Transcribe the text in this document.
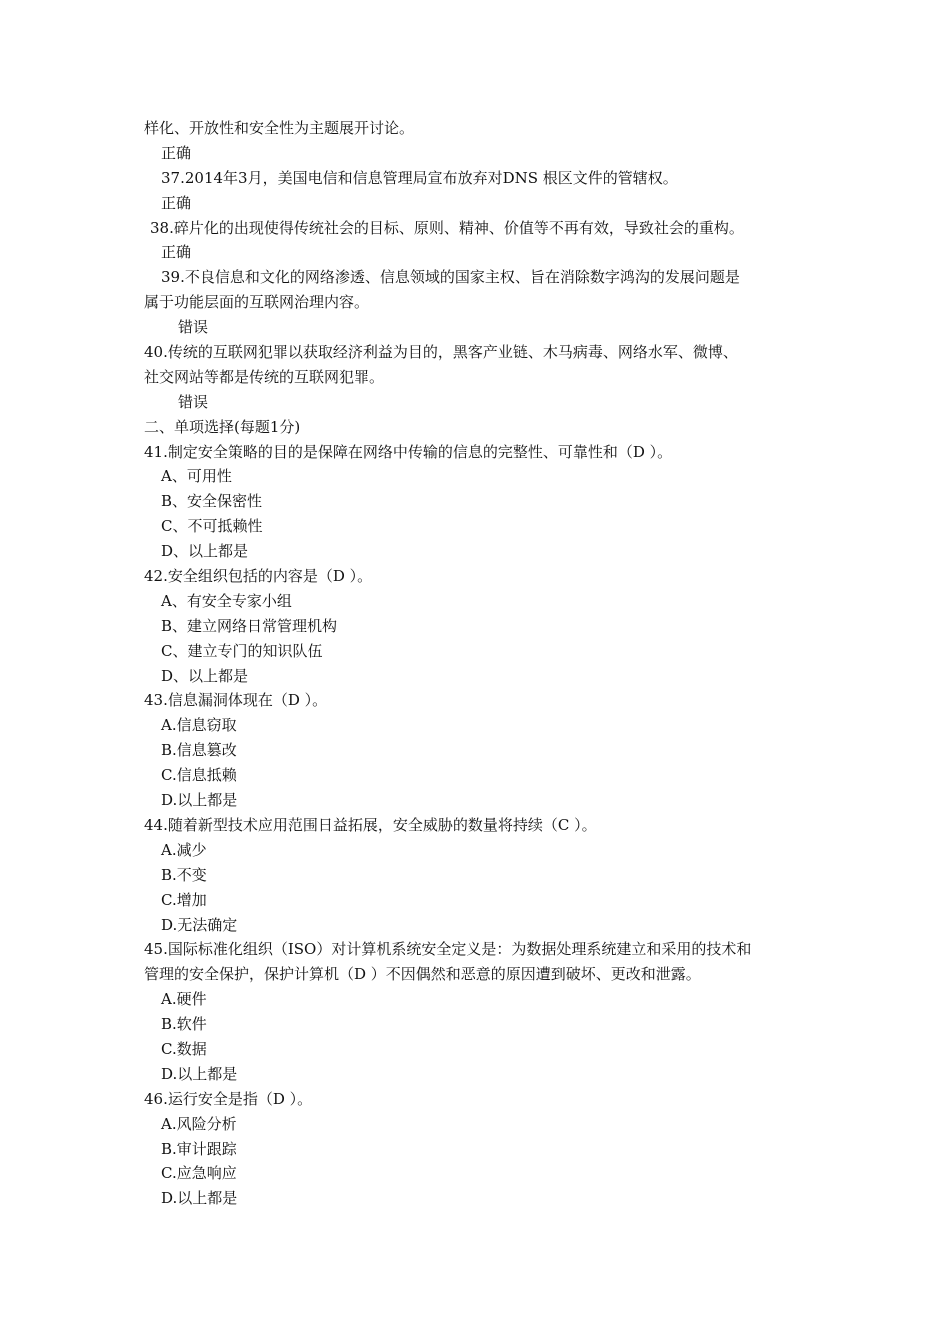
样化、开放性和安全性为主题展开讨论。
正确
37.2014年3月，美国电信和信息管理局宣布放弃对DNS 根区文件的管辖权。
正确
38.碎片化的出现使得传统社会的目标、原则、精神、价值等不再有效，导致社会的重构。
正确
39.不良信息和文化的网络渗透、信息领域的国家主权、旨在消除数字鸿沟的发展问题是
属于功能层面的互联网治理内容。
错误
40.传统的互联网犯罪以获取经济利益为目的，黑客产业链、木马病毒、网络水军、微博、
社交网站等都是传统的互联网犯罪。
错误
二、单项选择(每题1分)
41.制定安全策略的目的是保障在网络中传输的信息的完整性、可靠性和（D ）。
A、可用性
B、安全保密性
C、不可抵赖性
D、以上都是
42.安全组织包括的内容是（D ）。
A、有安全专家小组
B、建立网络日常管理机构
C、建立专门的知识队伍
D、以上都是
43.信息漏洞体现在（D ）。
A.信息窃取
B.信息篡改
C.信息抵赖
D.以上都是
44.随着新型技术应用范围日益拓展，安全威胁的数量将持续（C ）。
A.减少
B.不变
C.增加
D.无法确定
45.国际标准化组织（ISO）对计算机系统安全定义是：为数据处理系统建立和采用的技术和
管理的安全保护，保护计算机（D ）不因偶然和恶意的原因遭到破坏、更改和泄露。
A.硬件
B.软件
C.数据
D.以上都是
46.运行安全是指（D ）。
A.风险分析
B.审计跟踪
C.应急响应
D.以上都是
